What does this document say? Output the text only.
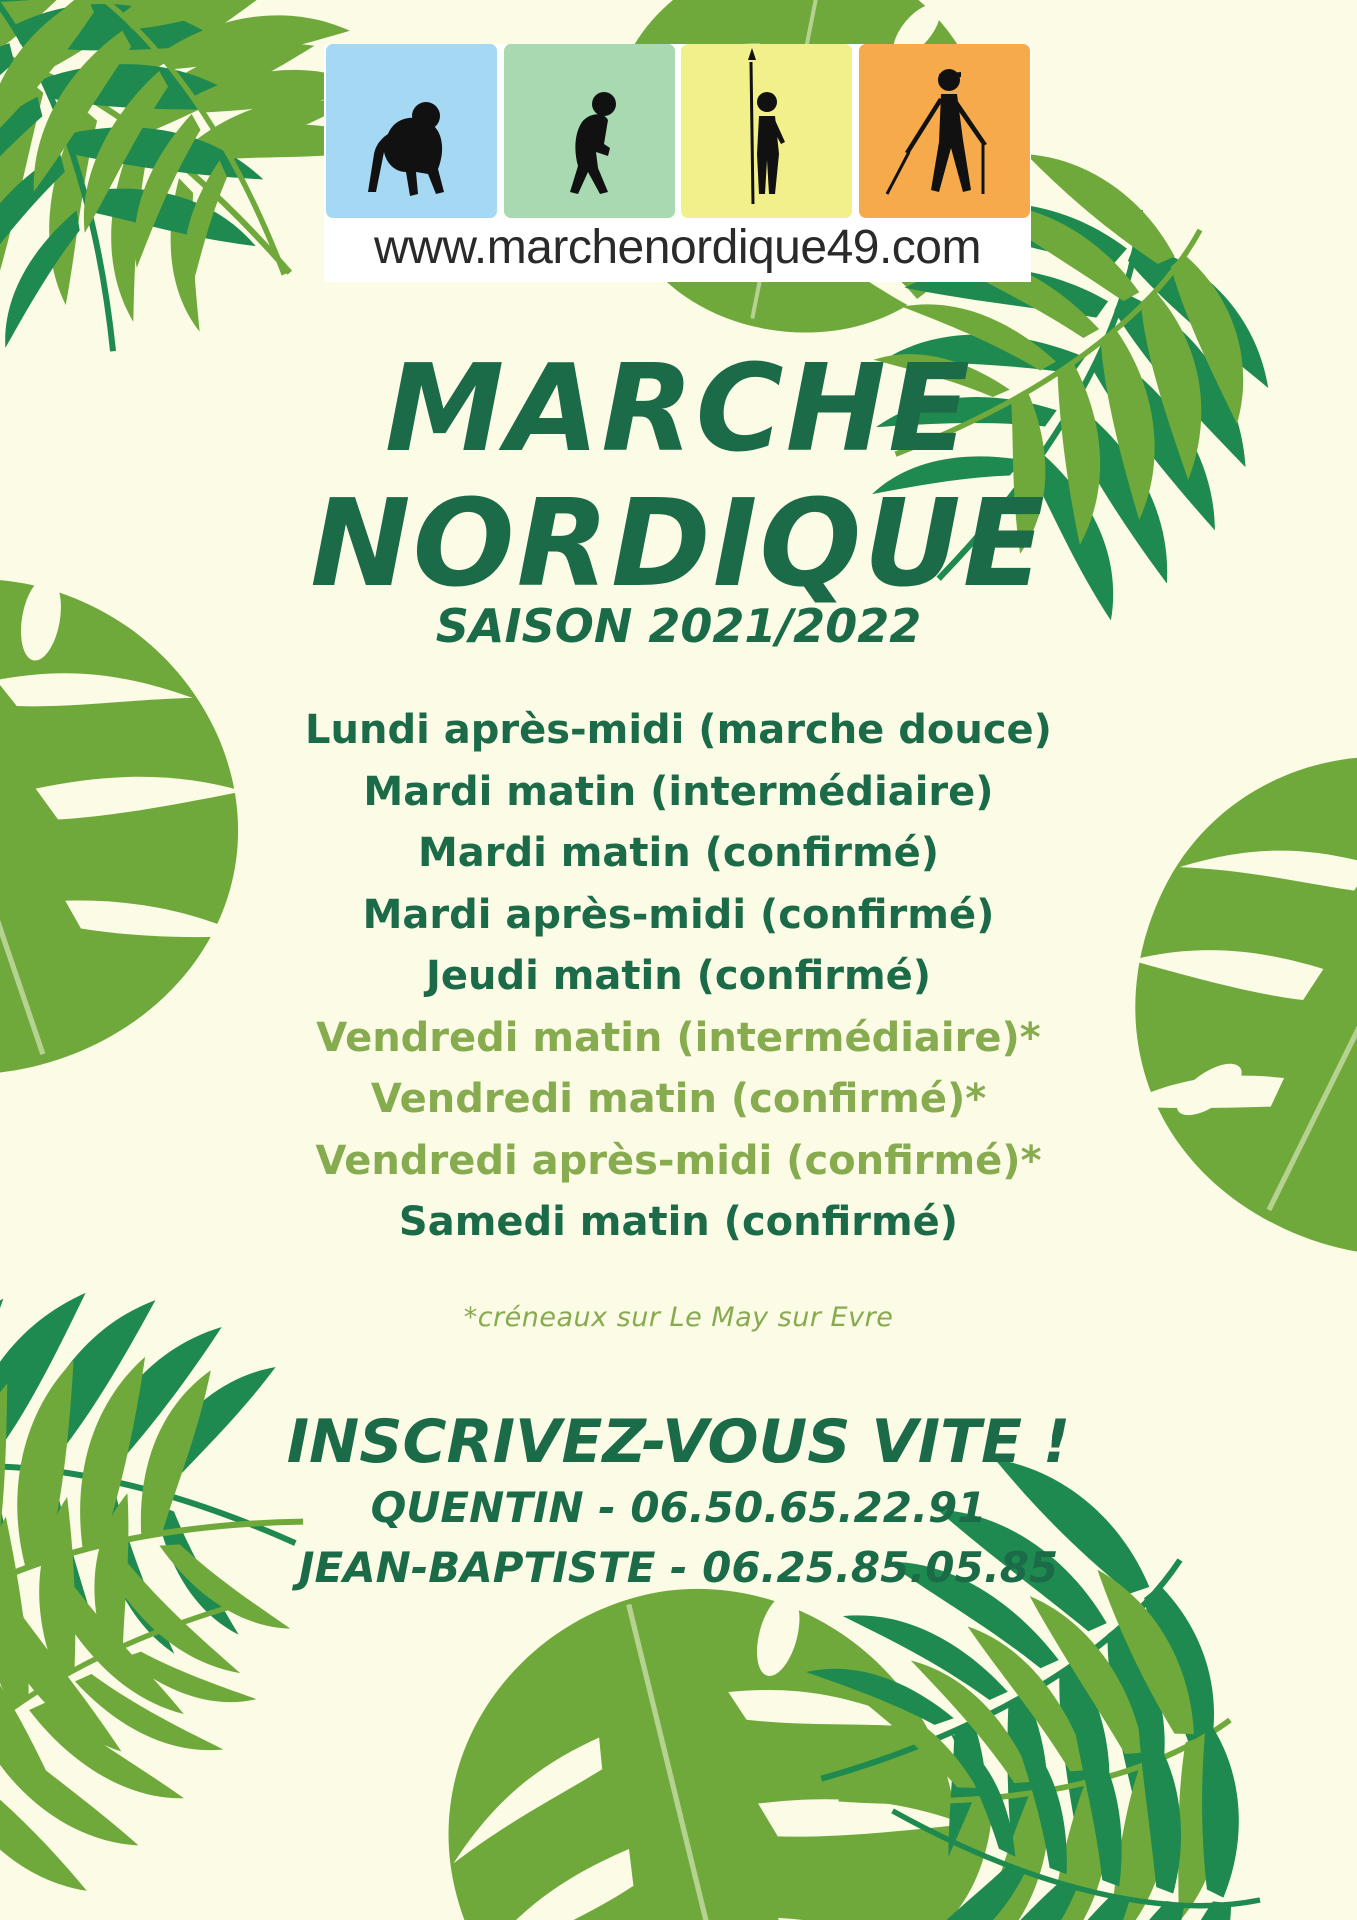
www.marchenordique49.com
MARCHE
NORDIQUE
SAISON 2021/2022
Lundi après-midi (marche douce)
Mardi matin (intermédiaire)
Mardi matin (confirmé)
Mardi après-midi (confirmé)
Jeudi matin (confirmé)
Vendredi matin (intermédiaire)*
Vendredi matin (confirmé)*
Vendredi après-midi (confirmé)*
Samedi matin (confirmé)
*créneaux sur Le May sur Evre
INSCRIVEZ-VOUS VITE !
QUENTIN - 06.50.65.22.91
JEAN-BAPTISTE - 06.25.85.05.85
